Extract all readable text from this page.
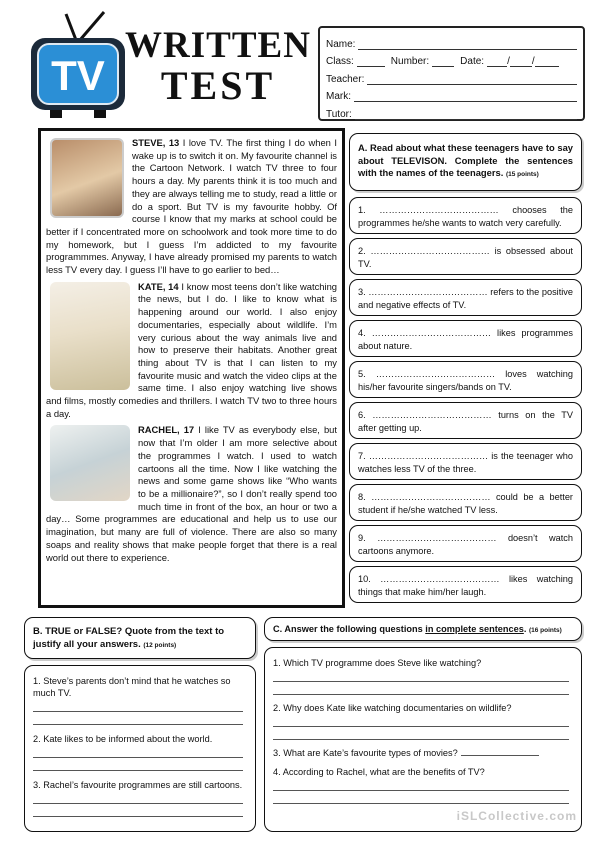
TV
WRITTEN
TEST
Name:
Class:	Number:	Date: / /
Teacher:
Mark:
Tutor:

STEVE, 13 I love TV. The first thing I do when I wake up is to switch it on. My favourite channel is the Cartoon Network. I watch TV three to four hours a day. My parents think it is too much and they are always telling me to study, read a little or do a sport. But TV is my favourite hobby. Of course I know that my marks at school could be better if I concentrated more on schoolwork and took more time to do my homework, but I guess I’m addicted to my favourite programmmes. Anyway, I have already promised my parents to watch less TV every day. I guess I’ll have to go earlier to bed…

KATE, 14 I know most teens don’t like watching the news, but I do. I like to know what is happening around our world. I also enjoy documentaries, especially about wildlife. I’m very curious about the way animals live and how to preserve their habitats. Another great thing about TV is that I can listen to my favourite music and watch the video clips at the same time. I also enjoy watching live shows and films, mostly comedies and thrillers. I watch TV two to three hours a day.

RACHEL, 17 I like TV as everybody else, but now that I’m older I am more selective about the programmes I watch. I used to watch cartoons all the time. Now I like watching the news and some game shows like “Who wants to be a millionaire?”, so I don’t really spend too much time in front of the box, an hour or two a day… Some programmes are educational and help us to use our imagination, but many are full of violence. There are also so many soaps and reality shows that make people forget that there is a real world out there to experience.

A. Read about what these teenagers have to say about TELEVISON. Complete the sentences with the names of the teenagers. (15 points)
1. ………………………………… chooses the programmes he/she wants to watch very carefully.
2. ………………………………… is obsessed about TV.
3. ………………………………… refers to the positive and negative effects of TV.
4. ………………………………… likes programmes about nature.
5. ………………………………… loves watching his/her favourite singers/bands on TV.
6. ………………………………… turns on the TV after getting up.
7. ………………………………… is the teenager who watches less TV of the three.
8. ………………………………… could be a better student if he/she watched TV less.
9. ………………………………… doesn’t watch cartoons anymore.
10. ………………………………… likes watching things that make him/her laugh.
B. TRUE or FALSE? Quote from the text to justify all your answers. (12 points)
1. Steve’s parents don’t mind that he watches so much TV.
2. Kate likes to be informed about the world.
3. Rachel’s favourite programmes are still cartoons.
C. Answer the following questions in complete sentences. (16 points)
1. Which TV programme does Steve like watching?
2. Why does Kate like watching documentaries on wildlife?
3. What are Kate’s favourite types of movies?
4. According to Rachel, what are the benefits of TV?
iSLCollective.com
